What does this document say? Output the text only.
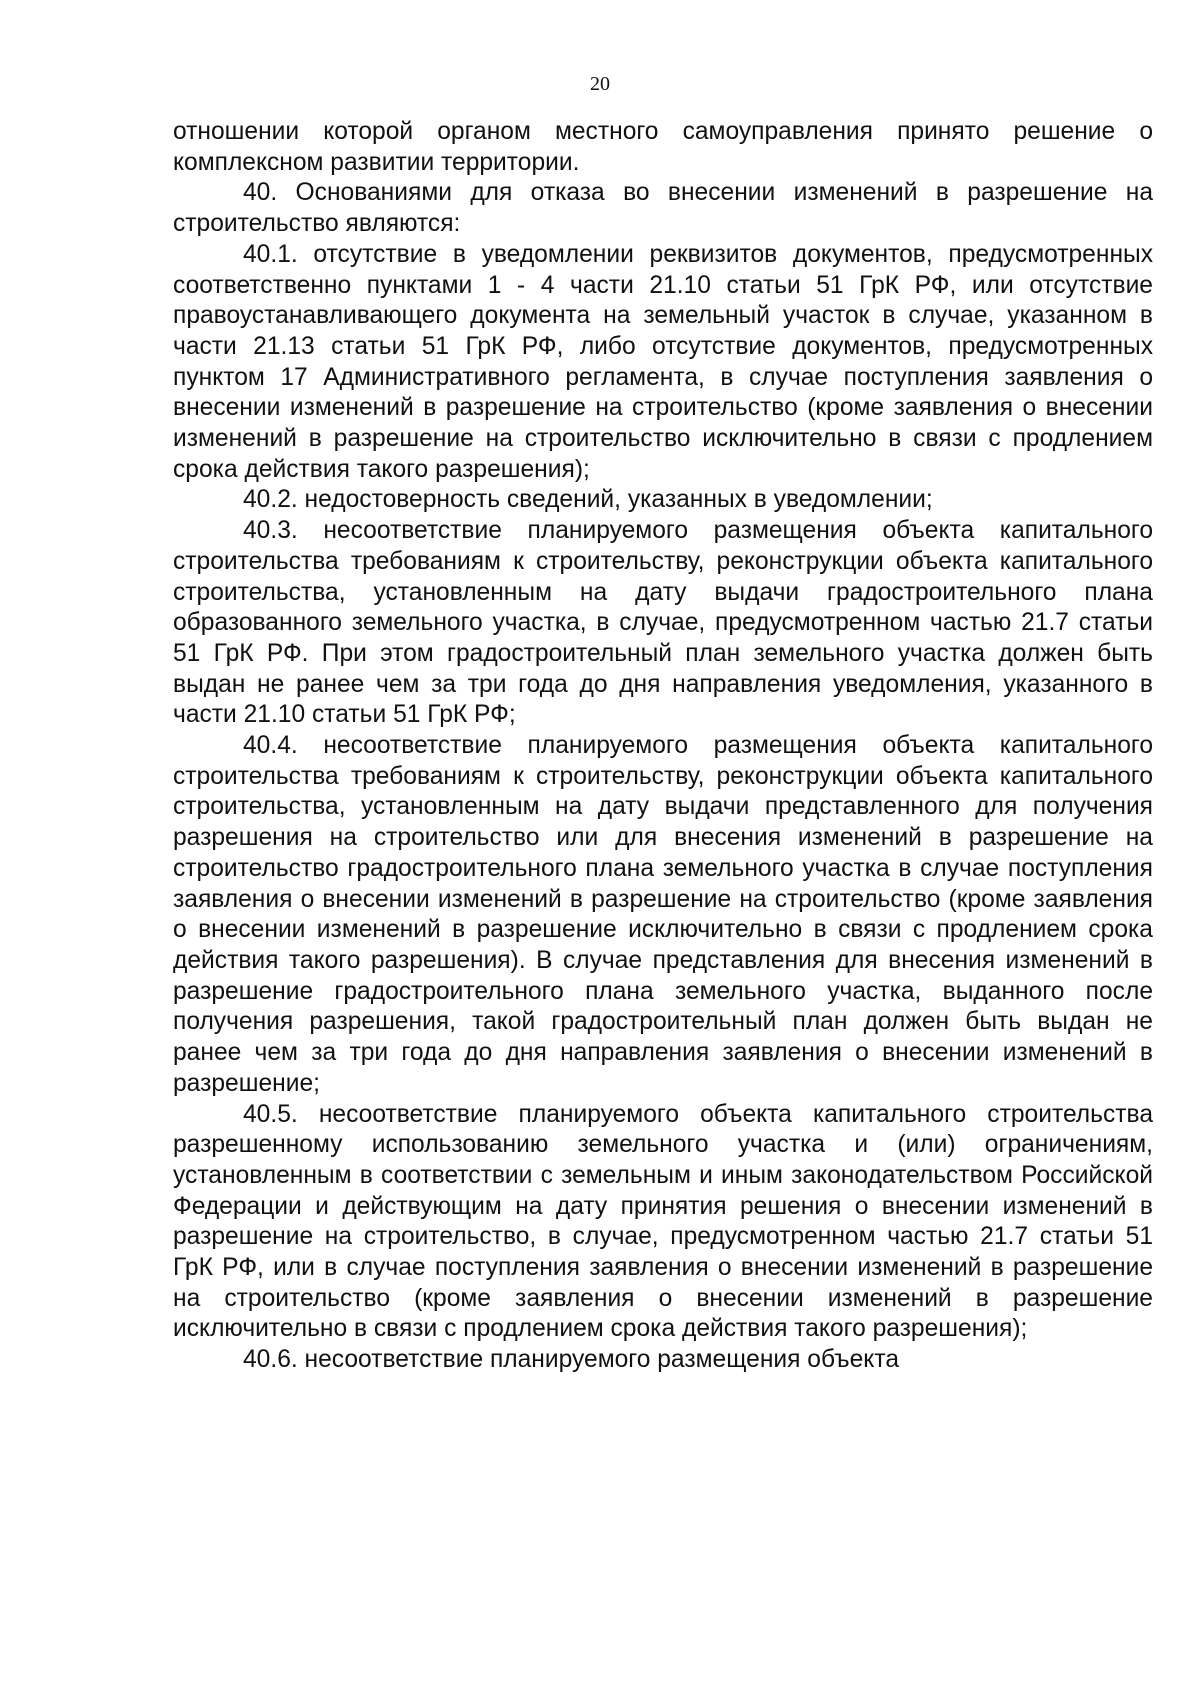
20

отношении которой органом местного самоуправления принято решение о комплексном развитии территории.

40. Основаниями для отказа во внесении изменений в разрешение на строительство являются:

40.1. отсутствие в уведомлении реквизитов документов, предусмотренных соответственно пунктами 1 - 4 части 21.10 статьи 51 ГрК РФ, или отсутствие правоустанавливающего документа на земельный участок в случае, указанном в части 21.13 статьи 51 ГрК РФ, либо отсутствие документов, предусмотренных пунктом 17 Административного регламента, в случае поступления заявления о внесении изменений в разрешение на строительство (кроме заявления о внесении изменений в разрешение на строительство исключительно в связи с продлением срока действия такого разрешения);

40.2. недостоверность сведений, указанных в уведомлении;

40.3. несоответствие планируемого размещения объекта капитального строительства требованиям к строительству, реконструкции объекта капитального строительства, установленным на дату выдачи градостроительного плана образованного земельного участка, в случае, предусмотренном частью 21.7 статьи 51 ГрК РФ. При этом градостроительный план земельного участка должен быть выдан не ранее чем за три года до дня направления уведомления, указанного в части 21.10 статьи 51 ГрК РФ;

40.4. несоответствие планируемого размещения объекта капитального строительства требованиям к строительству, реконструкции объекта капитального строительства, установленным на дату выдачи представленного для получения разрешения на строительство или для внесения изменений в разрешение на строительство градостроительного плана земельного участка в случае поступления заявления о внесении изменений в разрешение на строительство (кроме заявления о внесении изменений в разрешение исключительно в связи с продлением срока действия такого разрешения). В случае представления для внесения изменений в разрешение градостроительного плана земельного участка, выданного после получения разрешения, такой градостроительный план должен быть выдан не ранее чем за три года до дня направления заявления о внесении изменений в разрешение;

40.5. несоответствие планируемого объекта капитального строительства разрешенному использованию земельного участка и (или) ограничениям, установленным в соответствии с земельным и иным законодательством Российской Федерации и действующим на дату принятия решения о внесении изменений в разрешение на строительство, в случае, предусмотренном частью 21.7 статьи 51 ГрК РФ, или в случае поступления заявления о внесении изменений в разрешение на строительство (кроме заявления о внесении изменений в разрешение исключительно в связи с продлением срока действия такого разрешения);

40.6. несоответствие планируемого размещения объекта
